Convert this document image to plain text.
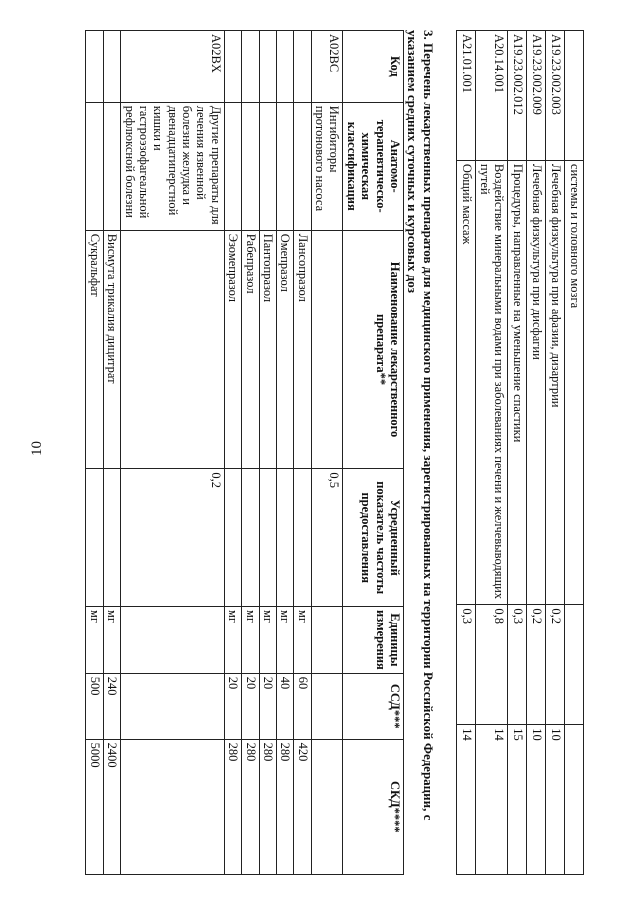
10
	системы и головного мозга		
A19.23.002.003	Лечебная физкультура при афазии, дизартрии	0,2	10
A19.23.002.009	Лечебная физкультура при дисфагии	0,2	10
A19.23.002.012	Процедуры, направленные на уменьшение спастики	0,3	15
A20.14.001	Воздействие минеральными водами при заболеваниях печени и желчевыводящих путей	0,8	14
A21.01.001	Общий массаж	0,3	14
3. Перечень лекарственных препаратов для медицинского применения, зарегистрированных на территории Российской Федерации, с указанием средних суточных и курсовых доз
Код	Анатомо-терапевтическо-химическая классификация	Наименование лекарственного препарата**	Усредненный показатель частоты предоставления	Единицы измерения	ССД***	СКД****
A02BC	Ингибиторы протонового насоса		0,5			
		Лансопразол		мг	60	420
		Омепразол		мг	40	280
		Пантопразол		мг	20	280
		Рабепразол		мг	20	280
		Эзомепразол		мг	20	280
A02BX	Другие препараты для лечения язвенной болезни желудка и двенадцатиперстной кишки и гастроэзофагеальной рефлюксной болезни		0,2			
		Висмута трикалия дицитрат		мг	240	2400
		Сукральфат		мг	500	5000
